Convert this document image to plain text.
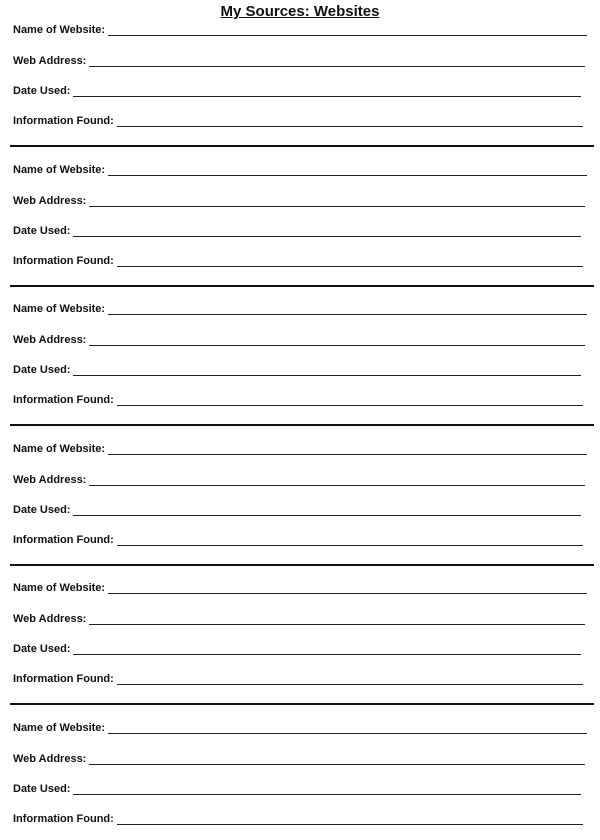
My Sources: Websites
Name of Website:
Web Address:
Date Used:
Information Found:
Name of Website:
Web Address:
Date Used:
Information Found:
Name of Website:
Web Address:
Date Used:
Information Found:
Name of Website:
Web Address:
Date Used:
Information Found:
Name of Website:
Web Address:
Date Used:
Information Found:
Name of Website:
Web Address:
Date Used:
Information Found:
